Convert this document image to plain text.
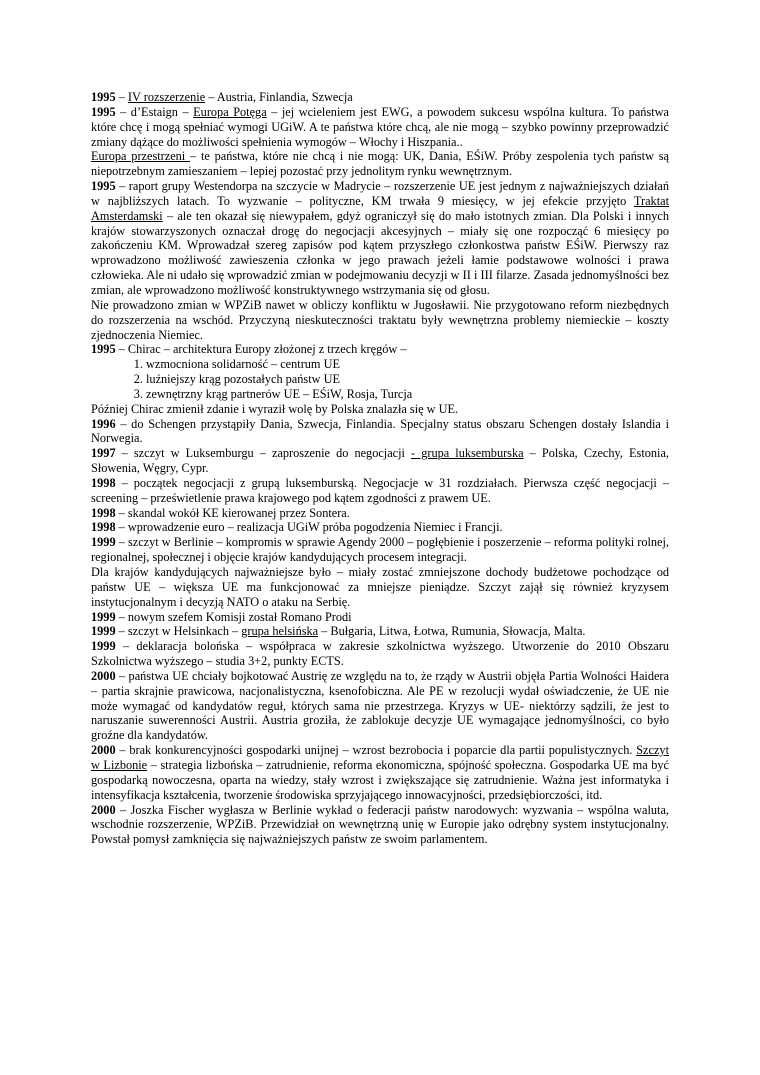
1995 – IV rozszerzenie – Austria, Finlandia, Szwecja

1995 – d’Estaign – Europa Potęga – jej wcieleniem jest EWG, a powodem sukcesu wspólna kultura. To państwa które chcę i mogą spełniać wymogi UGiW. A te państwa które chcą, ale nie mogą – szybko powinny przeprowadzić zmiany dążące do możliwości spełnienia wymogów – Włochy i Hiszpania..

Europa przestrzeni – te państwa, które nie chcą i nie mogą: UK, Dania, EŚiW. Próby zespolenia tych państw są niepotrzebnym zamieszaniem – lepiej pozostać przy jednolitym rynku wewnętrznym.

1995 – raport grupy Westendorpa na szczycie w Madrycie – rozszerzenie UE jest jednym z najważniejszych działań w najbliższych latach. To wyzwanie – polityczne, KM trwała 9 miesięcy, w jej efekcie przyjęto Traktat Amsterdamski – ale ten okazał się niewypałem, gdyż ograniczył się do mało istotnych zmian. Dla Polski i innych krajów stowarzyszonych oznaczał drogę do negocjacji akcesyjnych – miały się one rozpocząć 6 miesięcy po zakończeniu KM. Wprowadzał szereg zapisów pod kątem przyszłego członkostwa państw EŚiW. Pierwszy raz wprowadzono możliwość zawieszenia członka w jego prawach jeżeli łamie podstawowe wolności i prawa człowieka. Ale ni udało się wprowadzić zmian w podejmowaniu decyzji w II i III filarze. Zasada jednomyślności bez zmian, ale wprowadzono możliwość konstruktywnego wstrzymania się od głosu.

Nie prowadzono zmian w WPZiB nawet w obliczy konfliktu w Jugosławii. Nie przygotowano reform niezbędnych do rozszerzenia na wschód. Przyczyną nieskuteczności traktatu były wewnętrzna problemy niemieckie – koszty zjednoczenia Niemiec.

1995 – Chirac – architektura Europy złożonej z trzech kręgów –

1. wzmocniona solidarność – centrum UE
2. luźniejszy krąg pozostałych państw UE
3. zewnętrzny krąg partnerów UE – EŚiW, Rosja, Turcja

Później Chirac zmienił zdanie i wyraził wolę by Polska znalazła się w UE.

1996 – do Schengen przystąpiły Dania, Szwecja, Finlandia. Specjalny status obszaru Schengen dostały Islandia i Norwegia.

1997 – szczyt w Luksemburgu – zaproszenie do negocjacji - grupa luksemburska – Polska, Czechy, Estonia, Słowenia, Węgry, Cypr.

1998 – początek negocjacji z grupą luksemburską. Negocjacje w 31 rozdziałach. Pierwsza część negocjacji – screening – prześwietlenie prawa krajowego pod kątem zgodności z prawem UE.

1998 – skandal wokół KE kierowanej przez Sontera.

1998 – wprowadzenie euro – realizacja UGiW próba pogodzenia Niemiec i Francji.

1999 – szczyt w Berlinie – kompromis w sprawie Agendy 2000 – pogłębienie i poszerzenie – reforma polityki rolnej, regionalnej, społecznej i objęcie krajów kandydujących procesem integracji.

Dla krajów kandydujących najważniejsze było – miały zostać zmniejszone dochody budżetowe pochodzące od państw UE – większa UE ma funkcjonować za mniejsze pieniądze. Szczyt zajął się również kryzysem instytucjonalnym i decyzją NATO o ataku na Serbię.

1999 – nowym szefem Komisji został Romano Prodi

1999 – szczyt w Helsinkach – grupa helsińska – Bułgaria, Litwa, Łotwa, Rumunia, Słowacja, Malta.

1999 – deklaracja bolońska – współpraca w zakresie szkolnictwa wyższego. Utworzenie do 2010 Obszaru Szkolnictwa wyższego – studia 3+2, punkty ECTS.

2000 – państwa UE chciały bojkotować Austrię ze względu na to, że rządy w Austrii objęła Partia Wolności Haidera – partia skrajnie prawicowa, nacjonalistyczna, ksenofobiczna. Ale PE w rezolucji wydał oświadczenie, że UE nie może wymagać od kandydatów reguł, których sama nie przestrzega. Kryzys w UE- niektórzy sądzili, że jest to naruszanie suwerenności Austrii. Austria groziła, że zablokuje decyzje UE wymagające jednomyślności, co było groźne dla kandydatów.

2000 – brak konkurencyjności gospodarki unijnej – wzrost bezrobocia i poparcie dla partii populistycznych. Szczyt w Lizbonie – strategia lizbońska – zatrudnienie, reforma ekonomiczna, spójność społeczna. Gospodarka UE ma być gospodarką nowoczesna, oparta na wiedzy, stały wzrost i zwiększające się zatrudnienie. Ważna jest informatyka i intensyfikacja kształcenia, tworzenie środowiska sprzyjającego innowacyjności, przedsiębiorczości, itd.

2000 – Joszka Fischer wygłasza w Berlinie wykład o federacji państw narodowych: wyzwania – wspólna waluta, wschodnie rozszerzenie, WPZiB. Przewidział on wewnętrzną unię w Europie jako odrębny system instytucjonalny. Powstał pomysł zamknięcia się najważniejszych państw ze swoim parlamentem.
